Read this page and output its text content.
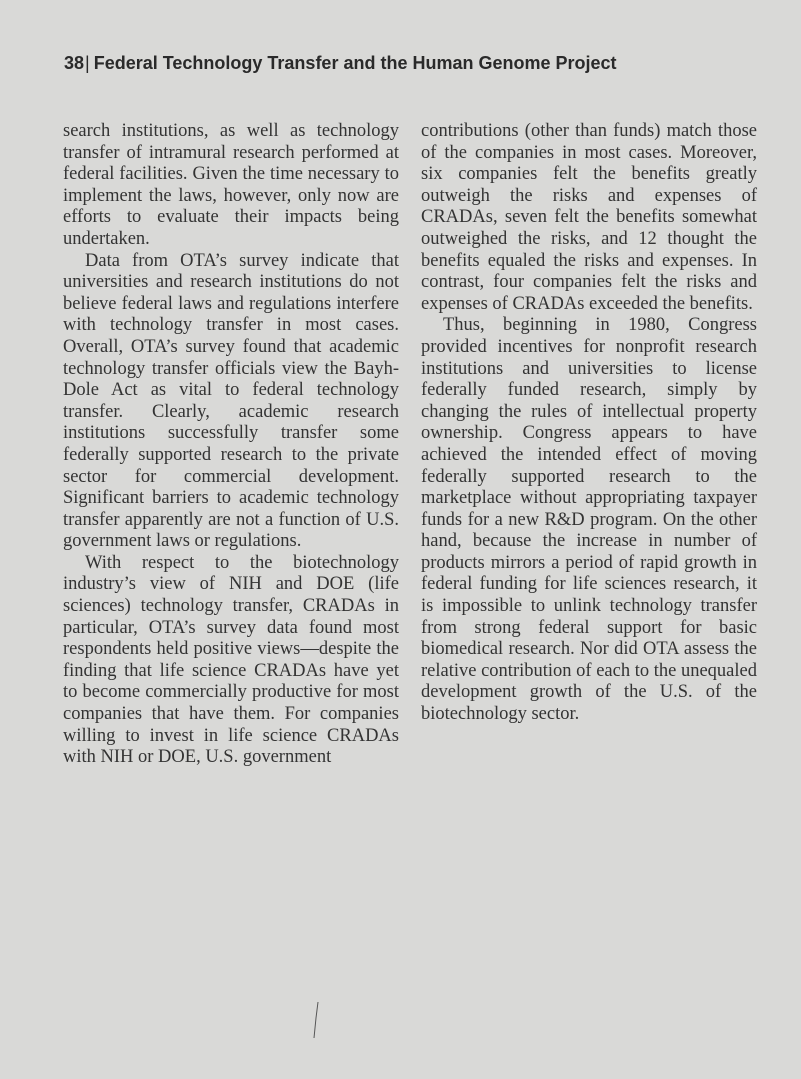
38| Federal Technology Transfer and the Human Genome Project

search institutions, as well as technology transfer of intramural research performed at federal facilities. Given the time necessary to implement the laws, however, only now are efforts to evaluate their impacts being undertaken.

Data from OTA’s survey indicate that universities and research institutions do not believe federal laws and regulations interfere with technology transfer in most cases. Overall, OTA’s survey found that academic technology transfer officials view the Bayh-Dole Act as vital to federal technology transfer. Clearly, academic research institutions successfully transfer some federally supported research to the private sector for commercial development. Significant barriers to academic technology transfer apparently are not a function of U.S. government laws or regulations.

With respect to the biotechnology industry’s view of NIH and DOE (life sciences) technology transfer, CRADAs in particular, OTA’s survey data found most respondents held positive views—despite the finding that life science CRADAs have yet to become commercially productive for most companies that have them. For companies willing to invest in life science CRADAs with NIH or DOE, U.S. government

contributions (other than funds) match those of the companies in most cases. Moreover, six companies felt the benefits greatly outweigh the risks and expenses of CRADAs, seven felt the benefits somewhat outweighed the risks, and 12 thought the benefits equaled the risks and expenses. In contrast, four companies felt the risks and expenses of CRADAs exceeded the benefits.

Thus, beginning in 1980, Congress provided incentives for nonprofit research institutions and universities to license federally funded research, simply by changing the rules of intellectual property ownership. Congress appears to have achieved the intended effect of moving federally supported research to the marketplace without appropriating taxpayer funds for a new R&D program. On the other hand, because the increase in number of products mirrors a period of rapid growth in federal funding for life sciences research, it is impossible to unlink technology transfer from strong federal support for basic biomedical research. Nor did OTA assess the relative contribution of each to the unequaled development growth of the U.S. of the biotechnology sector.
